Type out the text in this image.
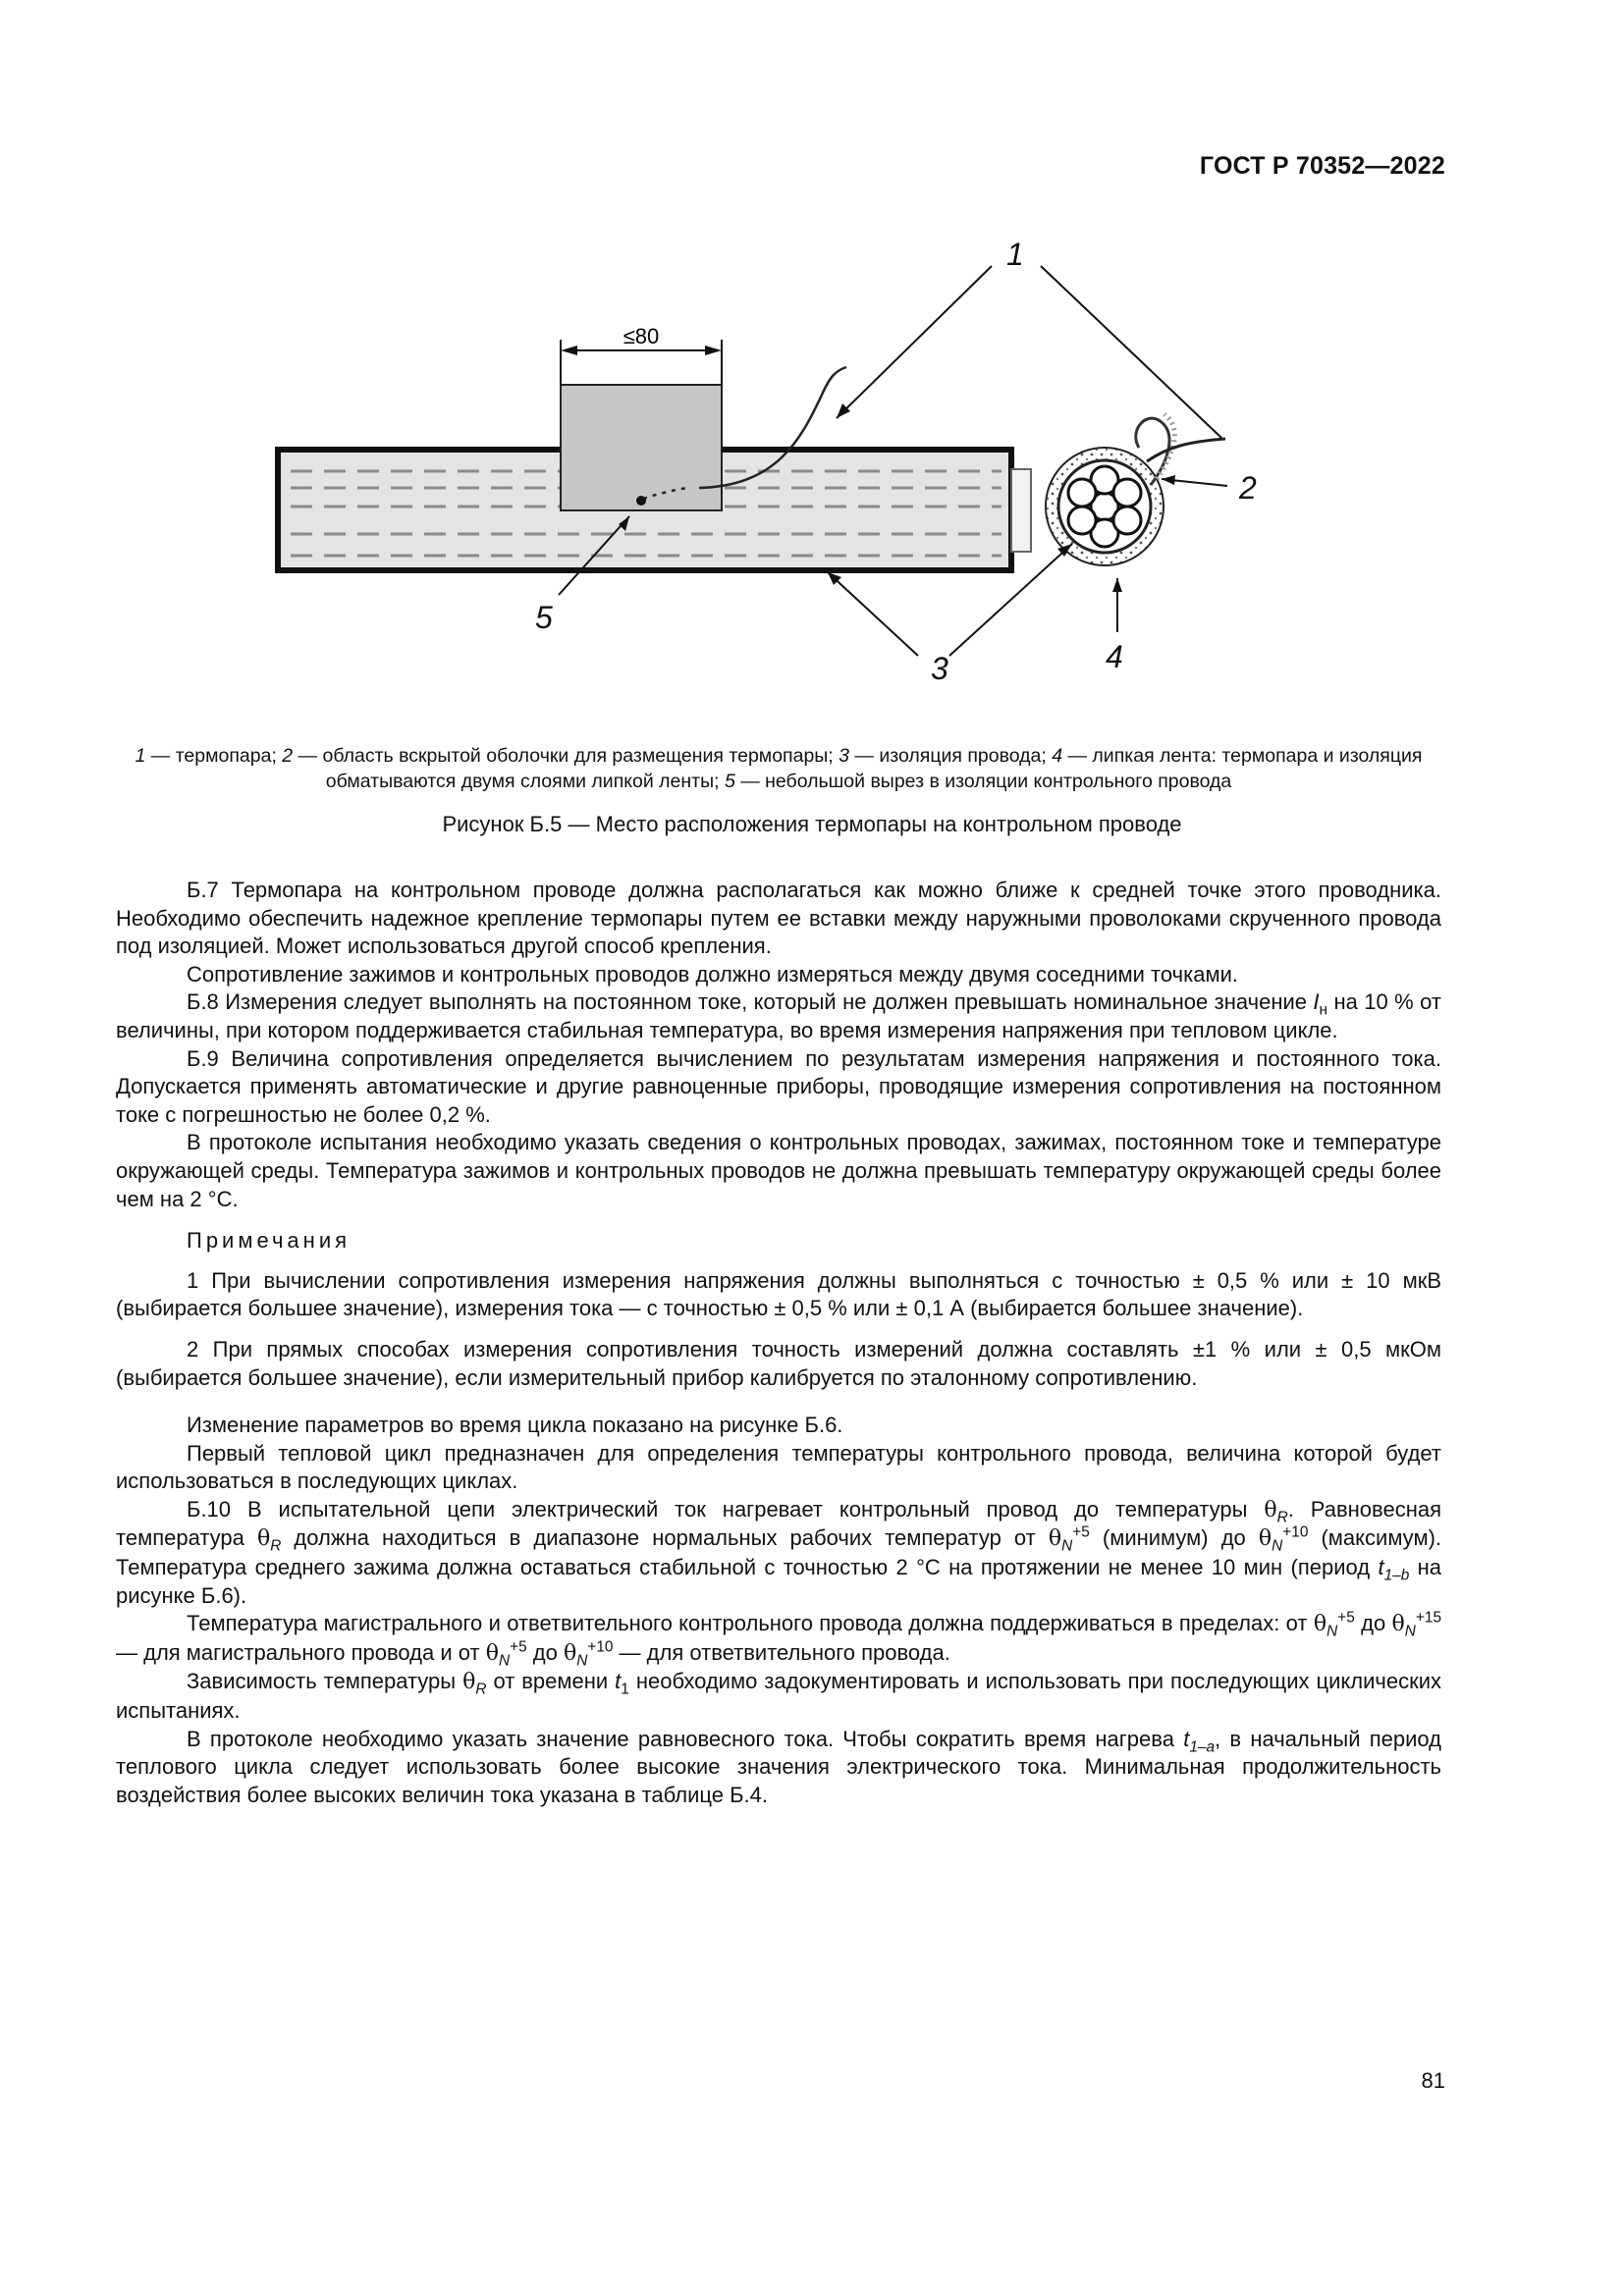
ГОСТ Р 70352—2022
≤80
1
2
5
3	4
1 — термопара; 2 — область вскрытой оболочки для размещения термопары; 3 — изоляция провода; 4 — липкая лента: термопара и изоляция обматываются двумя слоями липкой ленты; 5 — небольшой вырез в изоляции контрольного провода
Рисунок Б.5 — Место расположения термопары на контрольном проводе

Б.7 Термопара на контрольном проводе должна располагаться как можно ближе к средней точке этого проводника. Необходимо обеспечить надежное крепление термопары путем ее вставки между наружными проволоками скрученного провода под изоляцией. Может использоваться другой способ крепления.

Сопротивление зажимов и контрольных проводов должно измеряться между двумя соседними точками.

Б.8 Измерения следует выполнять на постоянном токе, который не должен превышать номинальное значение $I_н$ на 10 % от величины, при котором поддерживается стабильная температура, во время измерения напряжения при тепловом цикле.

Б.9 Величина сопротивления определяется вычислением по результатам измерения напряжения и постоянного тока. Допускается применять автоматические и другие равноценные приборы, проводящие измерения сопротивления на постоянном токе с погрешностью не более 0,2 %.

В протоколе испытания необходимо указать сведения о контрольных проводах, зажимах, постоянном токе и температуре окружающей среды. Температура зажимов и контрольных проводов не должна превышать температуру окружающей среды более чем на 2 °C.

Примечания

1 При вычислении сопротивления измерения напряжения должны выполняться с точностью ± 0,5 % или ± 10 мкВ (выбирается большее значение), измерения тока — с точностью ± 0,5 % или ± 0,1 А (выбирается большее значение).

2 При прямых способах измерения сопротивления точность измерений должна составлять ±1 % или ± 0,5 мкОм (выбирается большее значение), если измерительный прибор калибруется по эталонному сопротивлению.

Изменение параметров во время цикла показано на рисунке Б.6.

Первый тепловой цикл предназначен для определения температуры контрольного провода, величина которой будет использоваться в последующих циклах.

Б.10 В испытательной цепи электрический ток нагревает контрольный провод до температуры $\theta_R$. Равновесная температура $\theta_R$ должна находиться в диапазоне нормальных рабочих температур от $\theta_N^{+5}$ (минимум) до $\theta_N^{+10}$ (максимум). Температура среднего зажима должна оставаться стабильной с точностью 2 °C на протяжении не менее 10 мин (период $t_{1-b}$ на рисунке Б.6).

Температура магистрального и ответвительного контрольного провода должна поддерживаться в пределах: от $\theta_N^{+5}$ до $\theta_N^{+15}$ — для магистрального провода и от $\theta_N^{+5}$ до $\theta_N^{+10}$ — для ответвительного провода.

Зависимость температуры $\theta_R$ от времени $t_1$ необходимо задокументировать и использовать при последующих циклических испытаниях.

В протоколе необходимо указать значение равновесного тока. Чтобы сократить время нагрева $t_{1-a}$, в начальный период теплового цикла следует использовать более высокие значения электрического тока. Минимальная продолжительность воздействия более высоких величин тока указана в таблице Б.4.

81
